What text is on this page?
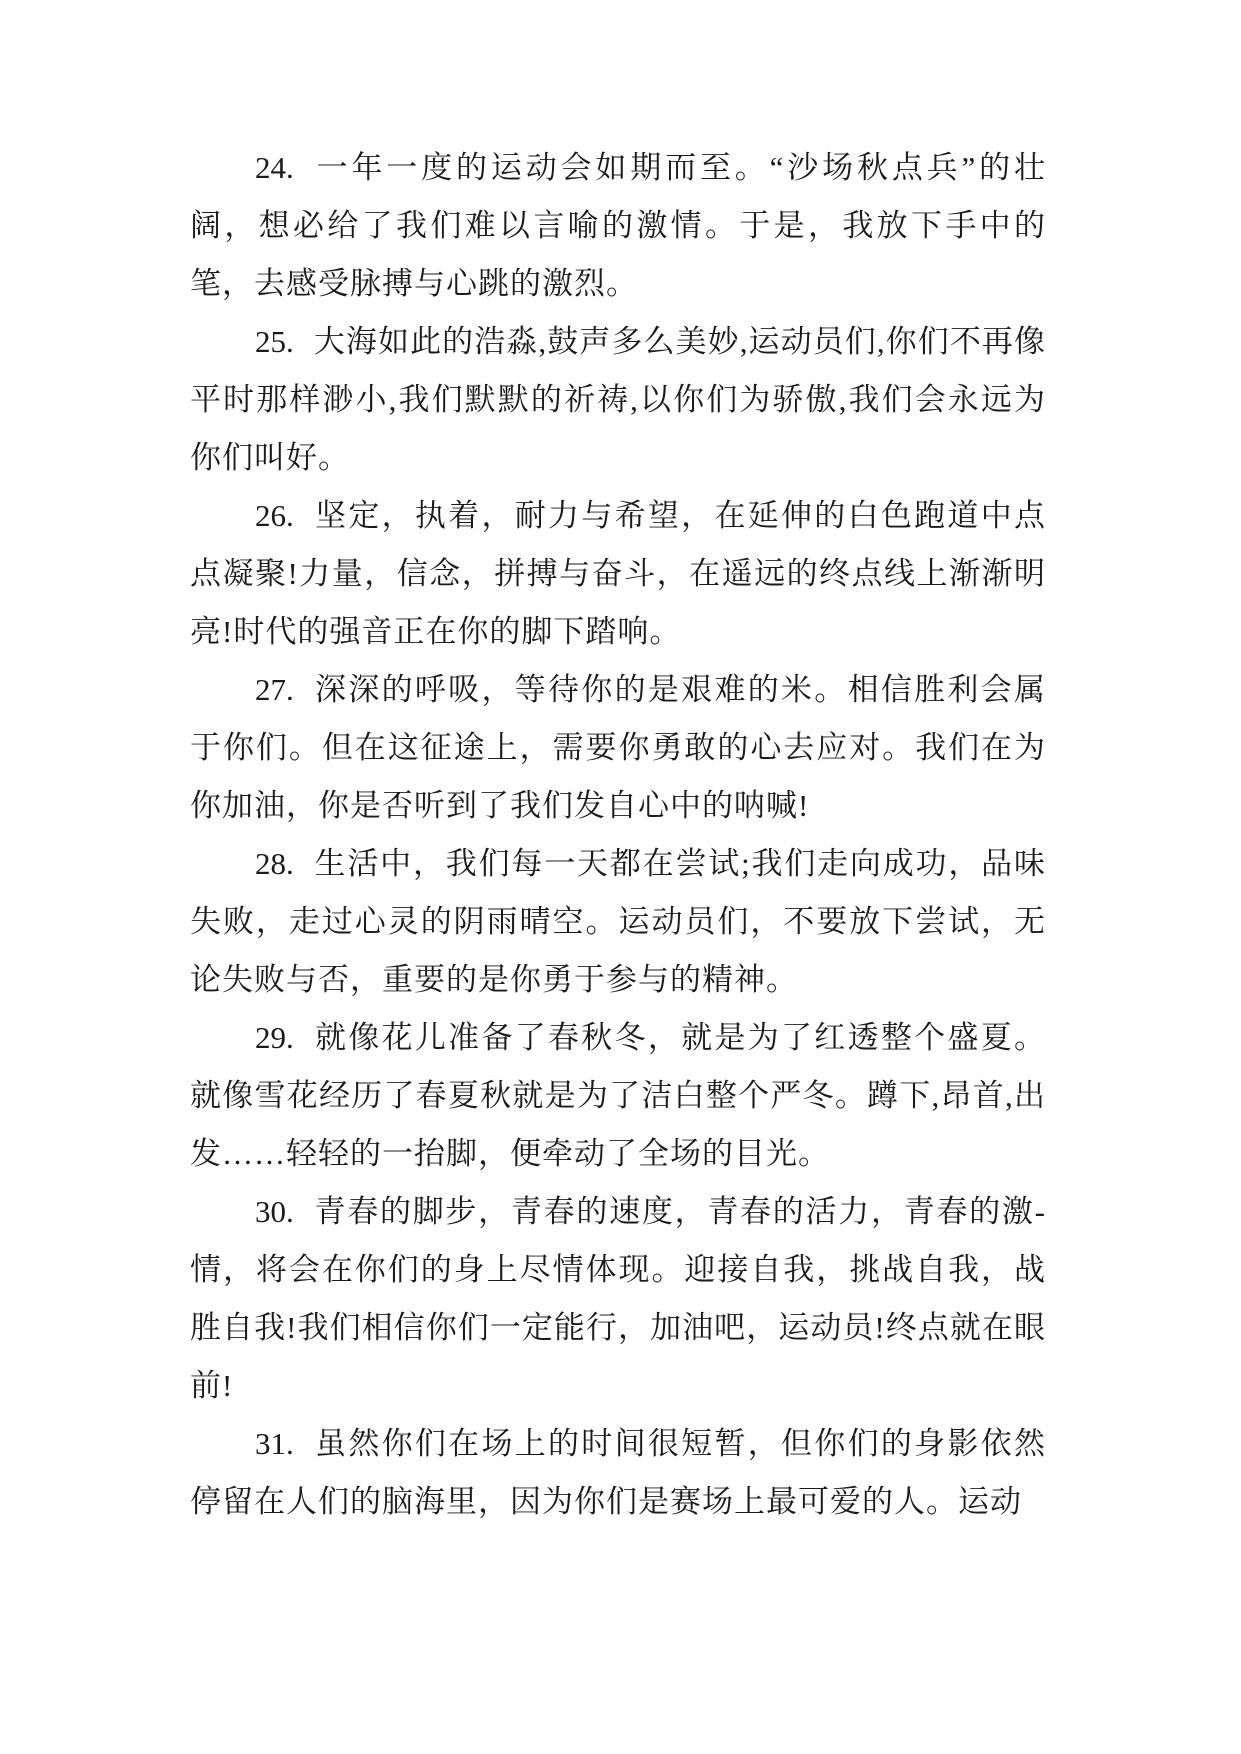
24. 一年一度的运动会如期而至。“沙场秋点兵”的壮阔，想必给了我们难以言喻的激情。于是，我放下手中的笔，去感受脉搏与心跳的激烈。

25. 大海如此的浩淼,鼓声多么美妙,运动员们,你们不再像平时那样渺小,我们默默的祈祷,以你们为骄傲,我们会永远为你们叫好。

26. 坚定，执着，耐力与希望，在延伸的白色跑道中点点凝聚!力量，信念，拼搏与奋斗，在遥远的终点线上渐渐明亮!时代的强音正在你的脚下踏响。

27. 深深的呼吸，等待你的是艰难的米。相信胜利会属于你们。但在这征途上，需要你勇敢的心去应对。我们在为你加油，你是否听到了我们发自心中的呐喊!

28. 生活中，我们每一天都在尝试;我们走向成功，品味失败，走过心灵的阴雨晴空。运动员们，不要放下尝试，无论失败与否，重要的是你勇于参与的精神。

29. 就像花儿准备了春秋冬，就是为了红透整个盛夏。就像雪花经历了春夏秋就是为了洁白整个严冬。蹲下,昂首,出发……轻轻的一抬脚，便牵动了全场的目光。

30. 青春的脚步，青春的速度，青春的活力，青春的激-情，将会在你们的身上尽情体现。迎接自我，挑战自我，战胜自我!我们相信你们一定能行，加油吧，运动员!终点就在眼前!

31. 虽然你们在场上的时间很短暂，但你们的身影依然停留在人们的脑海里，因为你们是赛场上最可爱的人。运动
